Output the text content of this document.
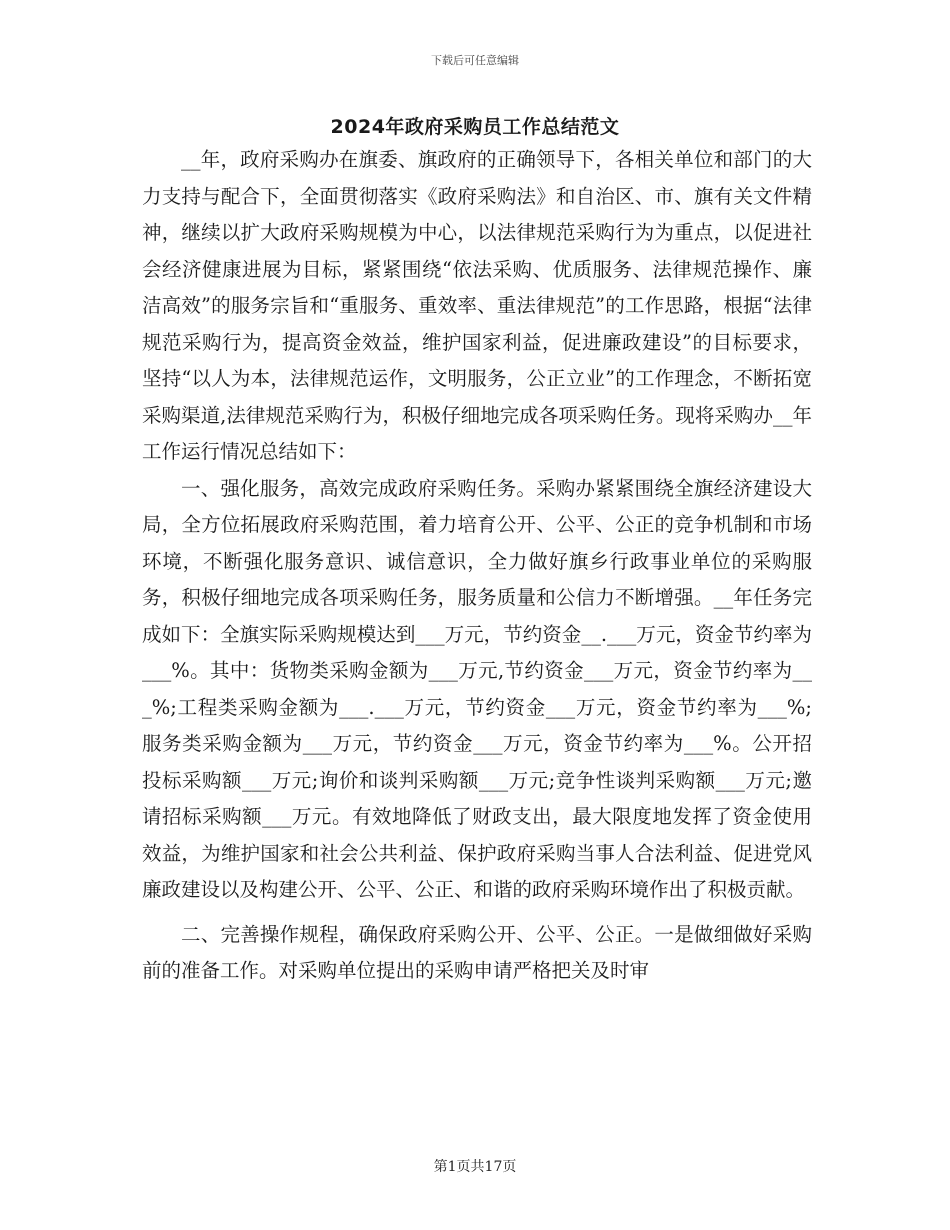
下载后可任意编辑
2024年政府采购员工作总结范文

__年，政府采购办在旗委、旗政府的正确领导下，各相关单位和部门的大力支持与配合下，全面贯彻落实《政府采购法》和自治区、市、旗有关文件精神，继续以扩大政府采购规模为中心，以法律规范采购行为为重点，以促进社会经济健康进展为目标，紧紧围绕“依法采购、优质服务、法律规范操作、廉洁高效”的服务宗旨和“重服务、重效率、重法律规范”的工作思路，根据“法律规范采购行为，提高资金效益，维护国家利益，促进廉政建设”的目标要求，坚持“以人为本，法律规范运作，文明服务，公正立业”的工作理念，不断拓宽采购渠道,法律规范采购行为，积极仔细地完成各项采购任务。现将采购办__年工作运行情况总结如下：

一、强化服务，高效完成政府采购任务。采购办紧紧围绕全旗经济建设大局，全方位拓展政府采购范围，着力培育公开、公平、公正的竞争机制和市场环境，不断强化服务意识、诚信意识，全力做好旗乡行政事业单位的采购服务，积极仔细地完成各项采购任务，服务质量和公信力不断增强。__年任务完成如下：全旗实际采购规模达到___万元，节约资金__.___万元，资金节约率为___%。其中：货物类采购金额为___万元,节约资金___万元，资金节约率为___%;工程类采购金额为___.___万元，节约资金___万元，资金节约率为___%;服务类采购金额为___万元，节约资金___万元，资金节约率为___%。公开招投标采购额___万元;询价和谈判采购额___万元;竞争性谈判采购额___万元;邀请招标采购额___万元。有效地降低了财政支出，最大限度地发挥了资金使用效益，为维护国家和社会公共利益、保护政府采购当事人合法利益、促进党风廉政建设以及构建公开、公平、公正、和谐的政府采购环境作出了积极贡献。

二、完善操作规程，确保政府采购公开、公平、公正。一是做细做好采购前的准备工作。对采购单位提出的采购申请严格把关及时审

第1页共17页
